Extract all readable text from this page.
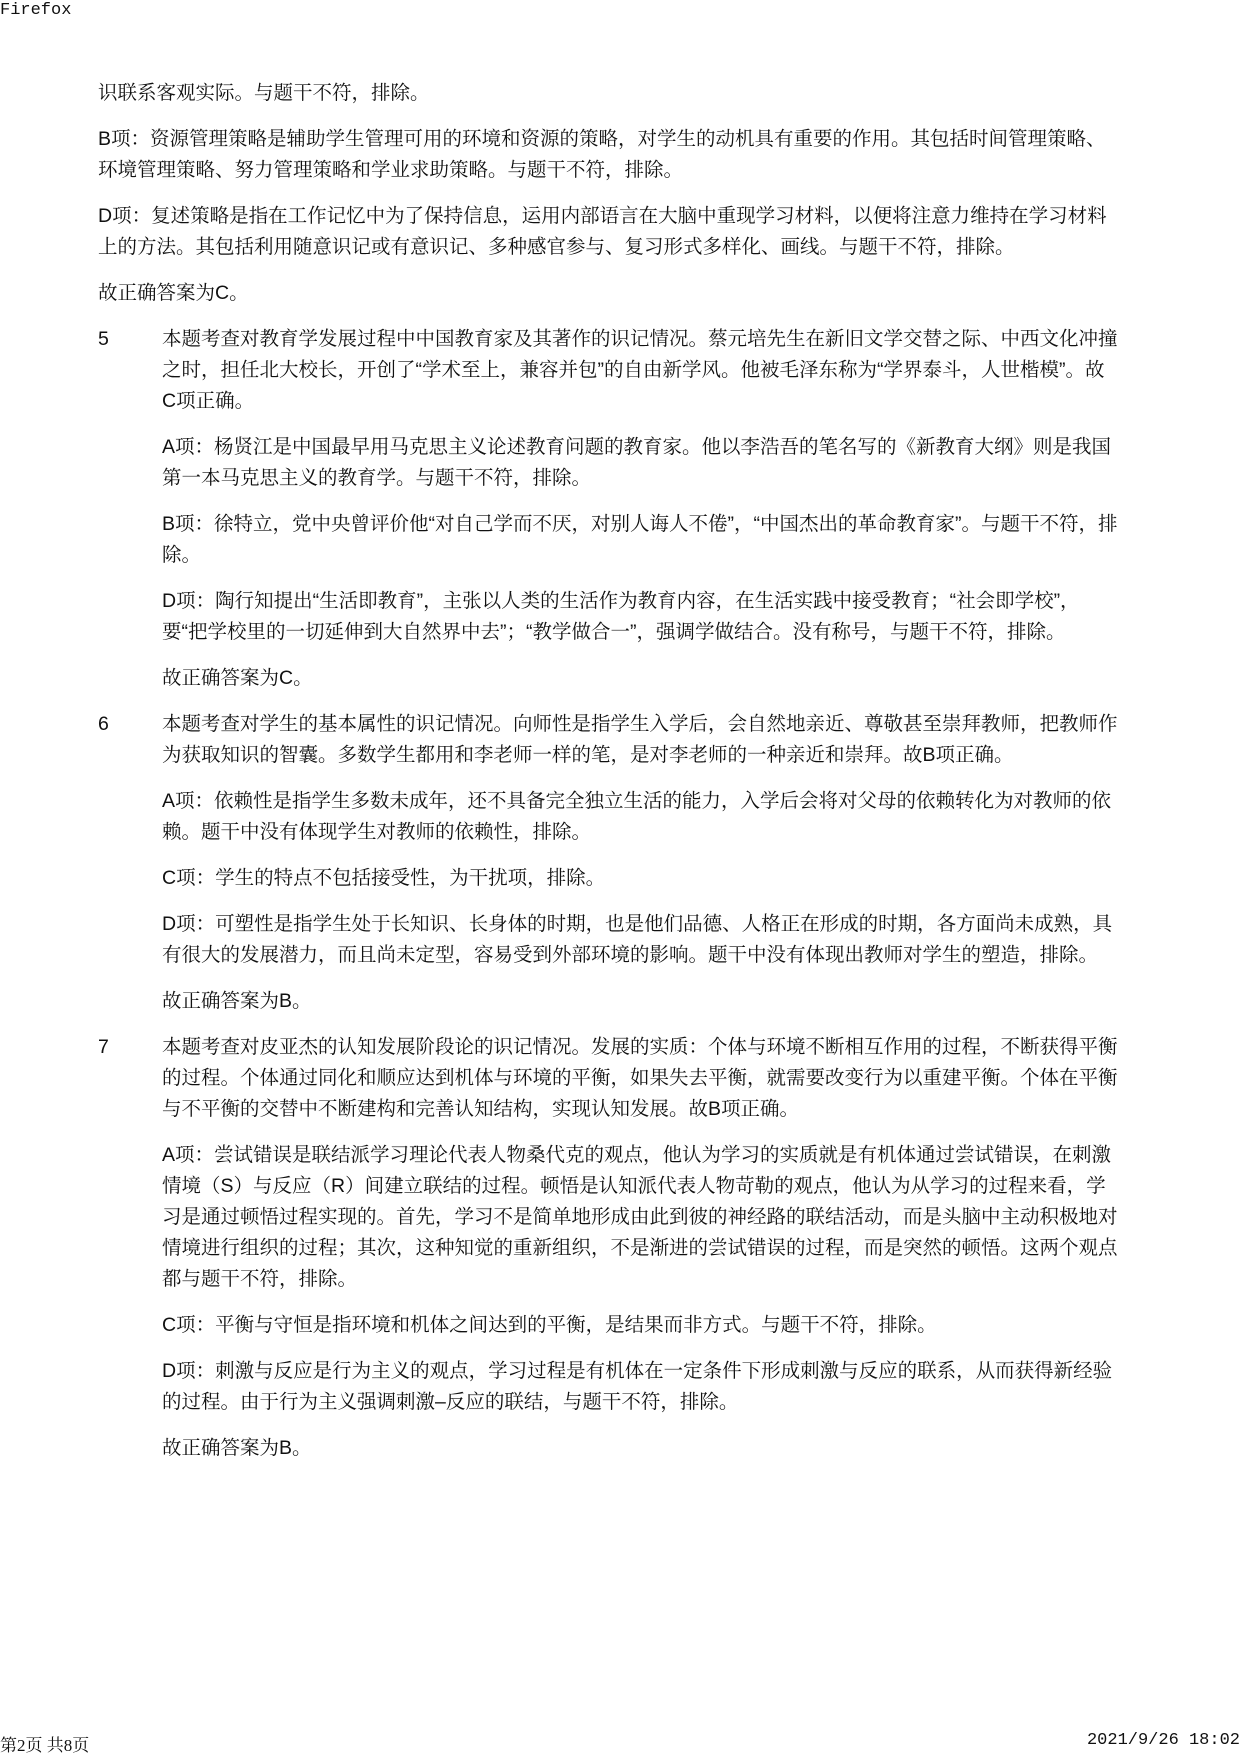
Firefox

识联系客观实际。与题干不符，排除。

B项：资源管理策略是辅助学生管理可用的环境和资源的策略，对学生的动机具有重要的作用。其包括时间管理策略、环境管理策略、努力管理策略和学业求助策略。与题干不符，排除。

D项：复述策略是指在工作记忆中为了保持信息，运用内部语言在大脑中重现学习材料，以便将注意力维持在学习材料上的方法。其包括利用随意识记或有意识记、多种感官参与、复习形式多样化、画线。与题干不符，排除。

故正确答案为C。

5	本题考查对教育学发展过程中中国教育家及其著作的识记情况。蔡元培先生在新旧文学交替之际、中西文化冲撞之时，担任北大校长，开创了“学术至上，兼容并包”的自由新学风。他被毛泽东称为“学界泰斗，人世楷模”。故C项正确。

A项：杨贤江是中国最早用马克思主义论述教育问题的教育家。他以李浩吾的笔名写的《新教育大纲》则是我国第一本马克思主义的教育学。与题干不符，排除。

B项：徐特立，党中央曾评价他“对自己学而不厌，对别人诲人不倦”，“中国杰出的革命教育家”。与题干不符，排除。

D项：陶行知提出“生活即教育”，主张以人类的生活作为教育内容，在生活实践中接受教育；“社会即学校”，要“把学校里的一切延伸到大自然界中去”；“教学做合一”，强调学做结合。没有称号，与题干不符，排除。

故正确答案为C。

6	本题考查对学生的基本属性的识记情况。向师性是指学生入学后，会自然地亲近、尊敬甚至崇拜教师，把教师作为获取知识的智囊。多数学生都用和李老师一样的笔，是对李老师的一种亲近和崇拜。故B项正确。

A项：依赖性是指学生多数未成年，还不具备完全独立生活的能力，入学后会将对父母的依赖转化为对教师的依赖。题干中没有体现学生对教师的依赖性，排除。

C项：学生的特点不包括接受性，为干扰项，排除。

D项：可塑性是指学生处于长知识、长身体的时期，也是他们品德、人格正在形成的时期，各方面尚未成熟，具有很大的发展潜力，而且尚未定型，容易受到外部环境的影响。题干中没有体现出教师对学生的塑造，排除。

故正确答案为B。

7	本题考查对皮亚杰的认知发展阶段论的识记情况。发展的实质：个体与环境不断相互作用的过程，不断获得平衡的过程。个体通过同化和顺应达到机体与环境的平衡，如果失去平衡，就需要改变行为以重建平衡。个体在平衡与不平衡的交替中不断建构和完善认知结构，实现认知发展。故B项正确。

A项：尝试错误是联结派学习理论代表人物桑代克的观点，他认为学习的实质就是有机体通过尝试错误，在刺激情境（S）与反应（R）间建立联结的过程。顿悟是认知派代表人物苛勒的观点，他认为从学习的过程来看，学习是通过顿悟过程实现的。首先，学习不是简单地形成由此到彼的神经路的联结活动，而是头脑中主动积极地对情境进行组织的过程；其次，这种知觉的重新组织，不是渐进的尝试错误的过程，而是突然的顿悟。这两个观点都与题干不符，排除。

C项：平衡与守恒是指环境和机体之间达到的平衡，是结果而非方式。与题干不符，排除。

D项：刺激与反应是行为主义的观点，学习过程是有机体在一定条件下形成刺激与反应的联系，从而获得新经验的过程。由于行为主义强调刺激–反应的联结，与题干不符，排除。

故正确答案为B。

第2页 共8页	2021/9/26 18:02
